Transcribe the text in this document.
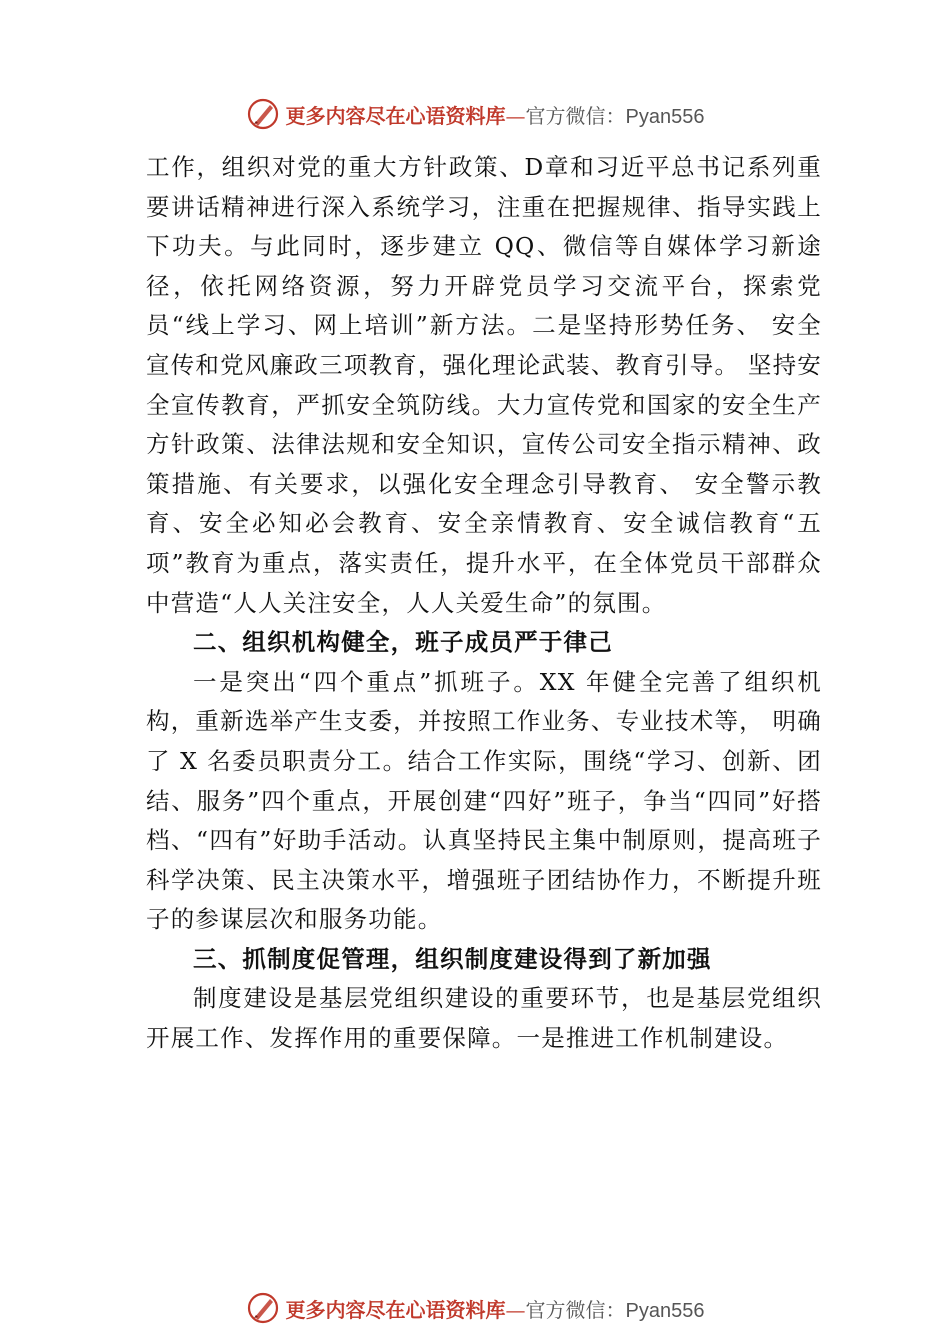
更多内容尽在心语资料库—官方微信：Pyan556

工作，组织对党的重大方针政策、D章和习近平总书记系列重要讲话精神进行深入系统学习，注重在把握规律、指导实践上下功夫。与此同时，逐步建立 QQ、微信等自媒体学习新途径，依托网络资源，努力开辟党员学习交流平台，探索党员“线上学习、网上培训”新方法。二是坚持形势任务、 安全宣传和党风廉政三项教育，强化理论武装、教育引导。 坚持安全宣传教育，严抓安全筑防线。大力宣传党和国家的安全生产方针政策、法律法规和安全知识，宣传公司安全指示精神、政策措施、有关要求，以强化安全理念引导教育、 安全警示教育、安全必知必会教育、安全亲情教育、安全诚信教育“五项”教育为重点，落实责任，提升水平，在全体党员干部群众中营造“人人关注安全，人人关爱生命”的氛围。

二、组织机构健全，班子成员严于律己

一是突出“四个重点”抓班子。XX 年健全完善了组织机构，重新选举产生支委，并按照工作业务、专业技术等， 明确了 X 名委员职责分工。结合工作实际，围绕“学习、创新、团结、服务”四个重点，开展创建“四好”班子，争当“四同”好搭档、“四有”好助手活动。认真坚持民主集中制原则，提高班子科学决策、民主决策水平，增强班子团结协作力，不断提升班子的参谋层次和服务功能。

三、抓制度促管理，组织制度建设得到了新加强

制度建设是基层党组织建设的重要环节，也是基层党组织开展工作、发挥作用的重要保障。一是推进工作机制建设。

更多内容尽在心语资料库—官方微信：Pyan556
